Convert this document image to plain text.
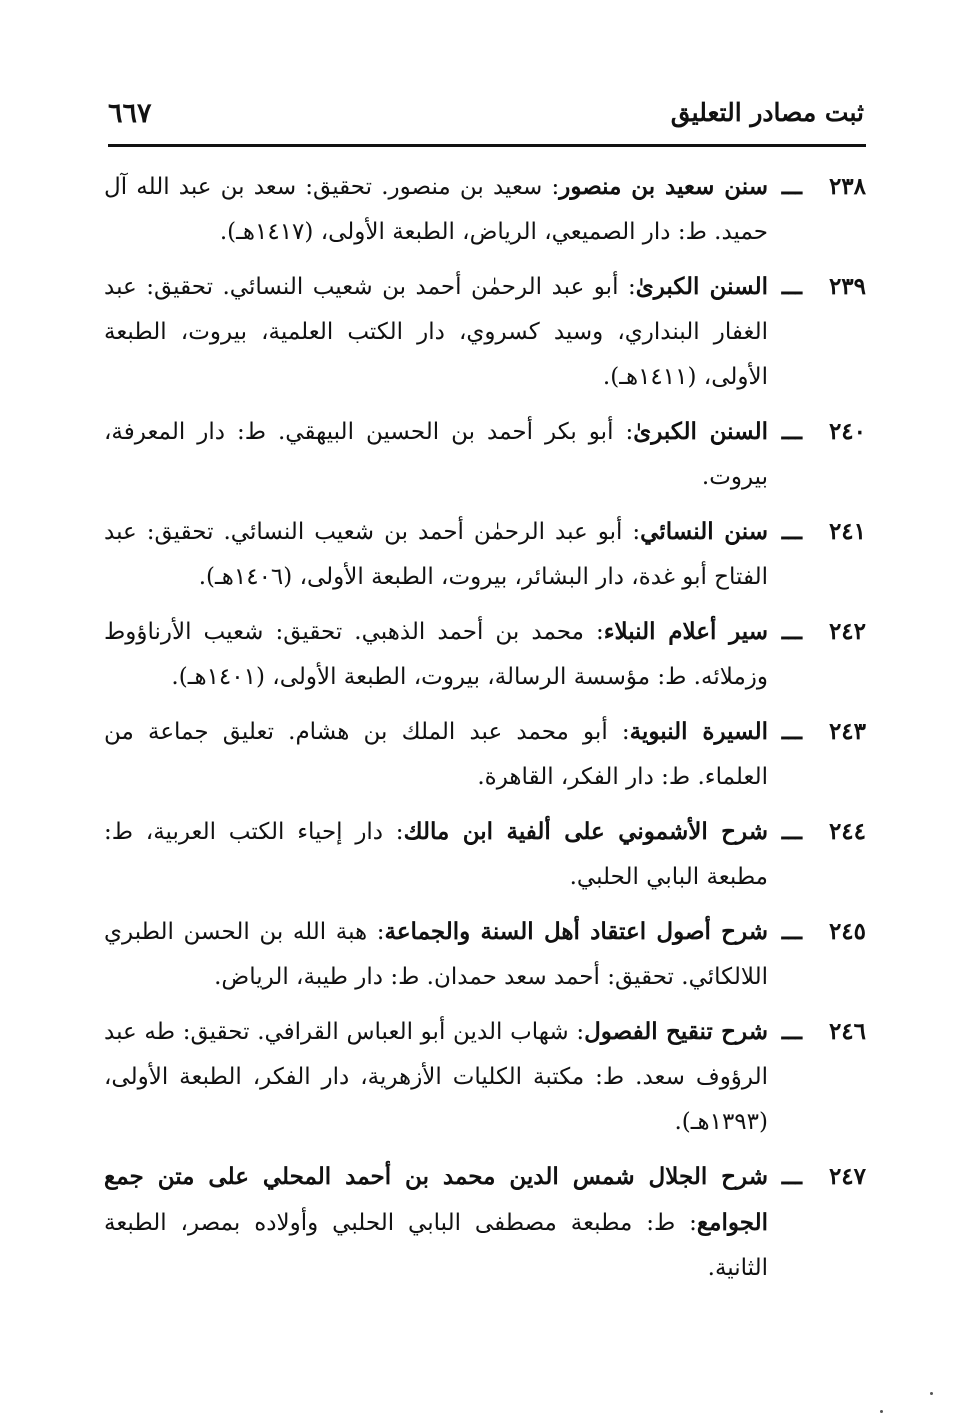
ثبت مصادر التعليق
٦٦٧
٢٣٨
ـــ
سنن سعيد بن منصور: سعيد بن منصور. تحقيق: سعد بن عبد الله آل حميد. ط: دار الصميعي، الرياض، الطبعة الأولى، (١٤١٧هـ).
٢٣٩
ـــ
السنن الكبرىٰ: أبو عبد الرحمٰن أحمد بن شعيب النسائي. تحقيق: عبد الغفار البنداري، وسيد كسروي، دار الكتب العلمية، بيروت، الطبعة الأولى، (١٤١١هـ).
٢٤٠
ـــ
السنن الكبرىٰ: أبو بكر أحمد بن الحسين البيهقي. ط: دار المعرفة، بيروت.
٢٤١
ـــ
سنن النسائي: أبو عبد الرحمٰن أحمد بن شعيب النسائي. تحقيق: عبد الفتاح أبو غدة، دار البشائر، بيروت، الطبعة الأولى، (١٤٠٦هـ).
٢٤٢
ـــ
سير أعلام النبلاء: محمد بن أحمد الذهبي. تحقيق: شعيب الأرناؤوط وزملائه. ط: مؤسسة الرسالة، بيروت، الطبعة الأولى، (١٤٠١هـ).
٢٤٣
ـــ
السيرة النبوية: أبو محمد عبد الملك بن هشام. تعليق جماعة من العلماء. ط: دار الفكر، القاهرة.
٢٤٤
ـــ
شرح الأشموني على ألفية ابن مالك: دار إحياء الكتب العربية، ط: مطبعة البابي الحلبي.
٢٤٥
ـــ
شرح أصول اعتقاد أهل السنة والجماعة: هبة الله بن الحسن الطبري اللالكائي. تحقيق: أحمد سعد حمدان. ط: دار طيبة، الرياض.
٢٤٦
ـــ
شرح تنقيح الفصول: شهاب الدين أبو العباس القرافي. تحقيق: طه عبد الرؤوف سعد. ط: مكتبة الكليات الأزهرية، دار الفكر، الطبعة الأولى، (١٣٩٣هـ).
٢٤٧
ـــ
شرح الجلال شمس الدين محمد بن أحمد المحلي على متن جمع الجوامع: ط: مطبعة مصطفى البابي الحلبي وأولاده بمصر، الطبعة الثانية.
